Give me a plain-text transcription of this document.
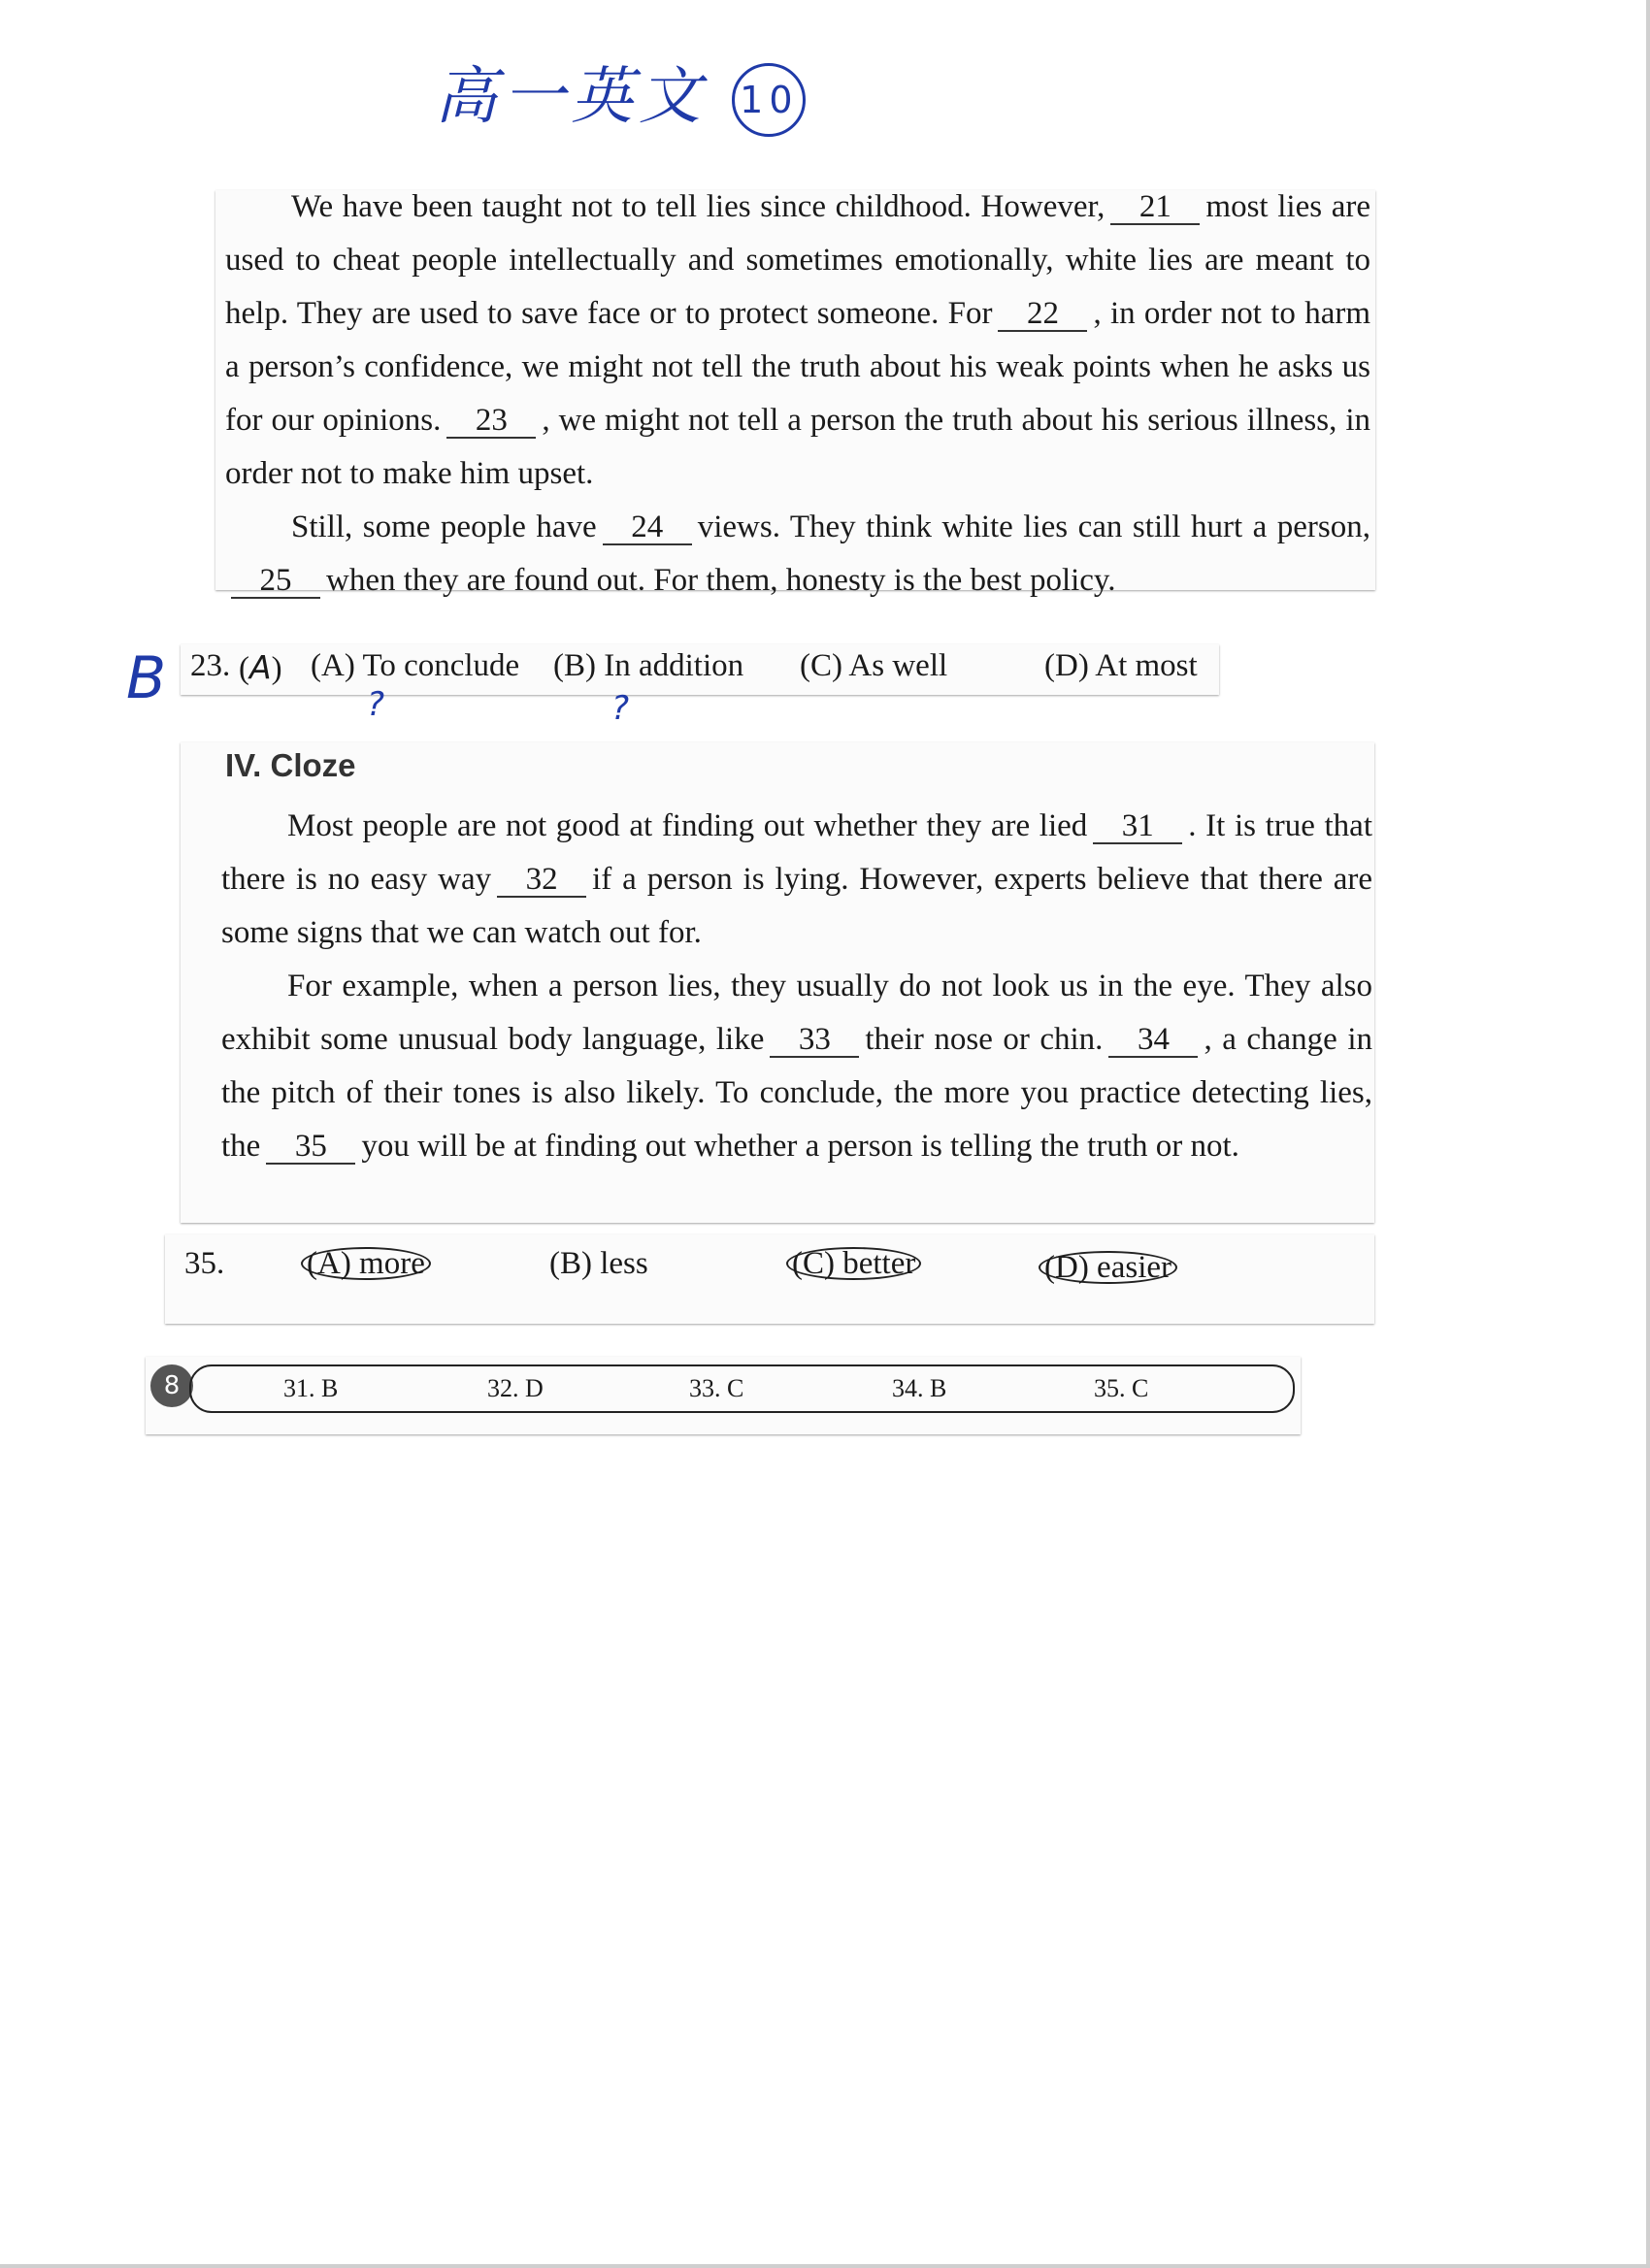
高一英文 10

We have been taught not to tell lies since childhood. However, 21 most lies are used to cheat people intellectually and sometimes emotionally, white lies are meant to help. They are used to save face or to protect someone. For 22 , in order not to harm a person’s confidence, we might not tell the truth about his weak points when he asks us for our opinions. 23 , we might not tell a person the truth about his serious illness, in order not to make him upset.

Still, some people have 24 views. They think white lies can still hurt a person,25 when they are found out. For them, honesty is the best policy.

B 23. (A) (A) To conclude (B) In addition (C) As well	(D) At most
?	?
IV. Cloze

Most people are not good at finding out whether they are lied 31 . It is true that there is no easy way 32 if a person is lying. However, experts believe that there are some signs that we can watch out for.

For example, when a person lies, they usually do not look us in the eye. They also exhibit some unusual body language, like 33 their nose or chin. 34 , a change in the pitch of their tones is also likely. To conclude, the more you practice detecting lies, the 35 you will be at finding out whether a person is telling the truth or not.

35.	(A) more	(B) less	(C) better	(D) easier
8	31. B	32. D	33. C	34. B	35. C
